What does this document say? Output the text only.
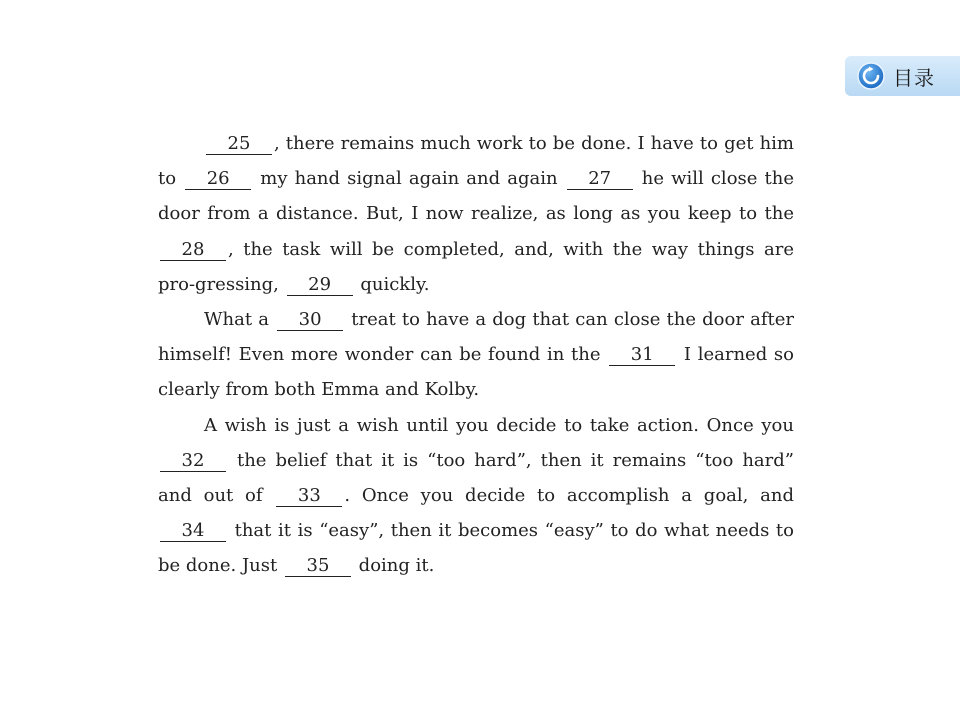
目录

25 , there remains much work to be done. I have to get him to 26 my hand signal again and again 27 he will close the door from a distance. But, I now realize, as long as you keep to the 28 , the task will be completed, and, with the way things are pro-gressing, 29 quickly.

What a 30 treat to have a dog that can close the door after himself! Even more wonder can be found in the 31 I learned so clearly from both Emma and Kolby.

A wish is just a wish until you decide to take action. Once you 32 the belief that it is “too hard”, then it remains “too hard” and out of 33 . Once you decide to accomplish a goal, and 34 that it is “easy”, then it becomes “easy” to do what needs to be done. Just 35 doing it.
